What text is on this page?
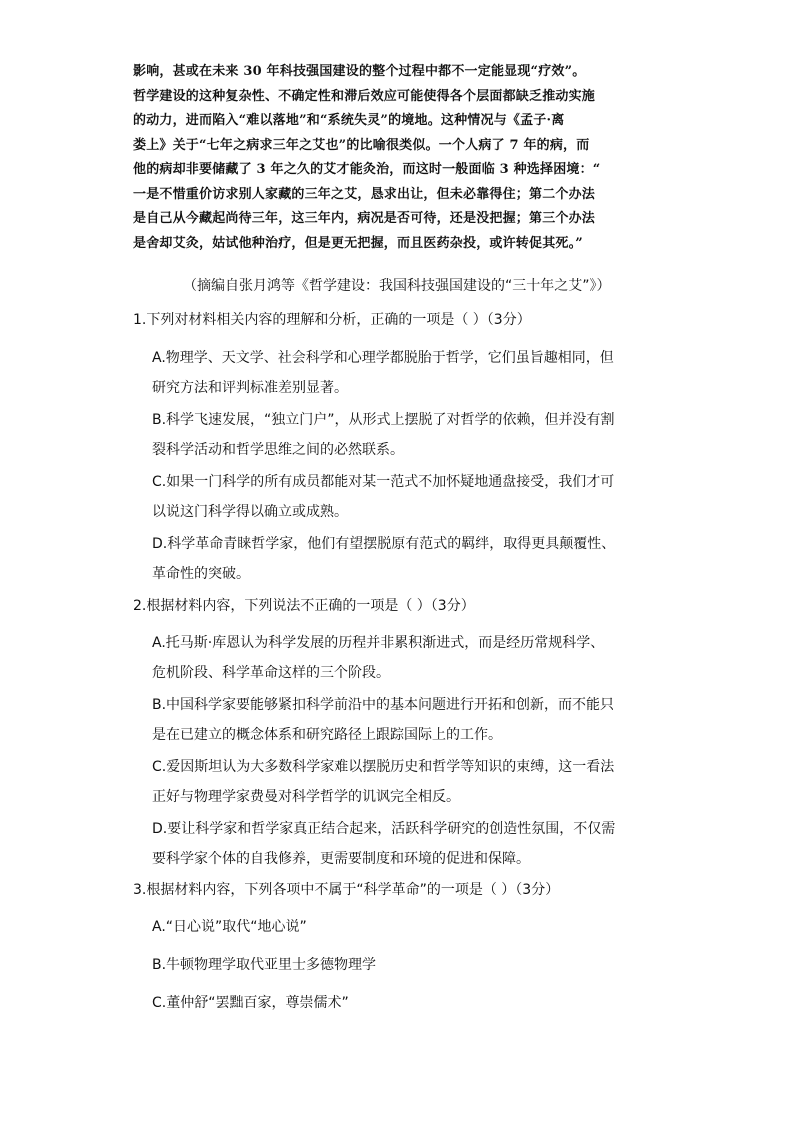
影响，甚或在未来 30 年科技强国建设的整个过程中都不一定能显现“疗效”。

哲学建设的这种复杂性、不确定性和滞后效应可能使得各个层面都缺乏推动实施

的动力，进而陷入“难以落地”和“系统失灵”的境地。这种情况与《孟子·离

娄上》关于“七年之病求三年之艾也”的比喻很类似。一个人病了 7 年的病，而

他的病却非要储藏了 3 年之久的艾才能灸治，而这时一般面临 3 种选择困境：“

一是不惜重价访求别人家藏的三年之艾，恳求出让，但未必靠得住；第二个办法

是自己从今藏起尚待三年，这三年内，病况是否可待，还是没把握；第三个办法

是舍却艾灸，姑试他种治疗，但是更无把握，而且医药杂投，或许转促其死。”

（摘编自张月鸿等《哲学建设：我国科技强国建设的“三十年之艾”》）
1.下列对材料相关内容的理解和分析，正确的一项是（ ）（3分）
A.物理学、天文学、社会科学和心理学都脱胎于哲学，它们虽旨趣相同，但
研究方法和评判标准差别显著。
B.科学飞速发展，“独立门户”，从形式上摆脱了对哲学的依赖，但并没有割
裂科学活动和哲学思维之间的必然联系。
C.如果一门科学的所有成员都能对某一范式不加怀疑地通盘接受，我们才可
以说这门科学得以确立或成熟。
D.科学革命青睐哲学家，他们有望摆脱原有范式的羁绊，取得更具颠覆性、
革命性的突破。
2.根据材料内容，下列说法不正确的一项是（ ）（3分）
A.托马斯·库恩认为科学发展的历程并非累积渐进式，而是经历常规科学、
危机阶段、科学革命这样的三个阶段。
B.中国科学家要能够紧扣科学前沿中的基本问题进行开拓和创新，而不能只
是在已建立的概念体系和研究路径上跟踪国际上的工作。
C.爱因斯坦认为大多数科学家难以摆脱历史和哲学等知识的束缚，这一看法
正好与物理学家费曼对科学哲学的讥讽完全相反。
D.要让科学家和哲学家真正结合起来，活跃科学研究的创造性氛围，不仅需
要科学家个体的自我修养，更需要制度和环境的促进和保障。
3.根据材料内容，下列各项中不属于“科学革命”的一项是（ ）（3分）
A.“日心说”取代“地心说”
B.牛顿物理学取代亚里士多德物理学
C.董仲舒“罢黜百家，尊崇儒术”
